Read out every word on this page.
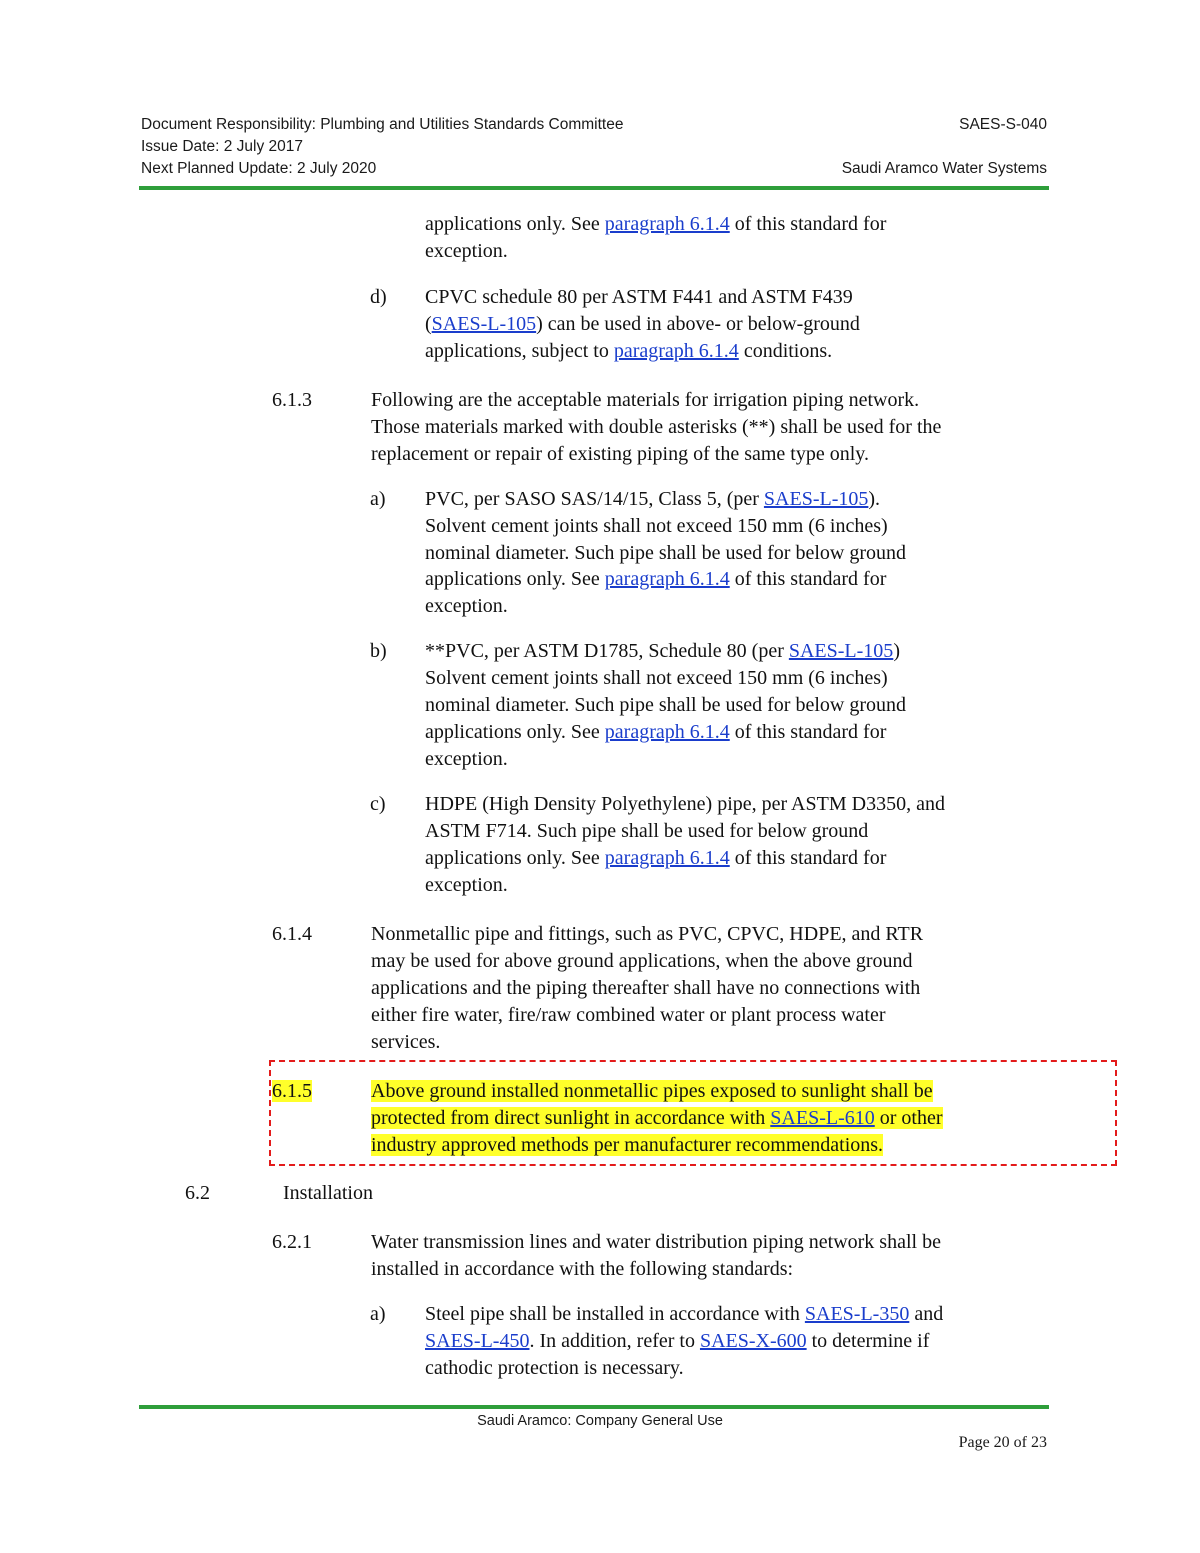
Document Responsibility: Plumbing and Utilities Standards Committee	SAES-S-040
Issue Date: 2 July 2017
Next Planned Update: 2 July 2020	Saudi Aramco Water Systems
applications only. See paragraph 6.1.4 of this standard for
exception.
d) CPVC schedule 80 per ASTM F441 and ASTM F439
(SAES-L-105) can be used in above- or below-ground
applications, subject to paragraph 6.1.4 conditions.
6.1.3	Following are the acceptable materials for irrigation piping network.
Those materials marked with double asterisks (**) shall be used for the
replacement or repair of existing piping of the same type only.
a) PVC, per SASO SAS/14/15, Class 5, (per SAES-L-105).
Solvent cement joints shall not exceed 150 mm (6 inches)
nominal diameter. Such pipe shall be used for below ground
applications only. See paragraph 6.1.4 of this standard for
exception.
b) **PVC, per ASTM D1785, Schedule 80 (per SAES-L-105)
Solvent cement joints shall not exceed 150 mm (6 inches)
nominal diameter. Such pipe shall be used for below ground
applications only. See paragraph 6.1.4 of this standard for
exception.
c) HDPE (High Density Polyethylene) pipe, per ASTM D3350, and
ASTM F714. Such pipe shall be used for below ground
applications only. See paragraph 6.1.4 of this standard for
exception.
6.1.4	Nonmetallic pipe and fittings, such as PVC, CPVC, HDPE, and RTR
may be used for above ground applications, when the above ground
applications and the piping thereafter shall have no connections with
either fire water, fire/raw combined water or plant process water
services.
6.1.5	Above ground installed nonmetallic pipes exposed to sunlight shall be
protected from direct sunlight in accordance with SAES-L-610 or other
industry approved methods per manufacturer recommendations.
6.2	Installation
6.2.1	Water transmission lines and water distribution piping network shall be
installed in accordance with the following standards:
a) Steel pipe shall be installed in accordance with SAES-L-350 and
SAES-L-450. In addition, refer to SAES-X-600 to determine if
cathodic protection is necessary.
Saudi Aramco: Company General Use
Page 20 of 23
